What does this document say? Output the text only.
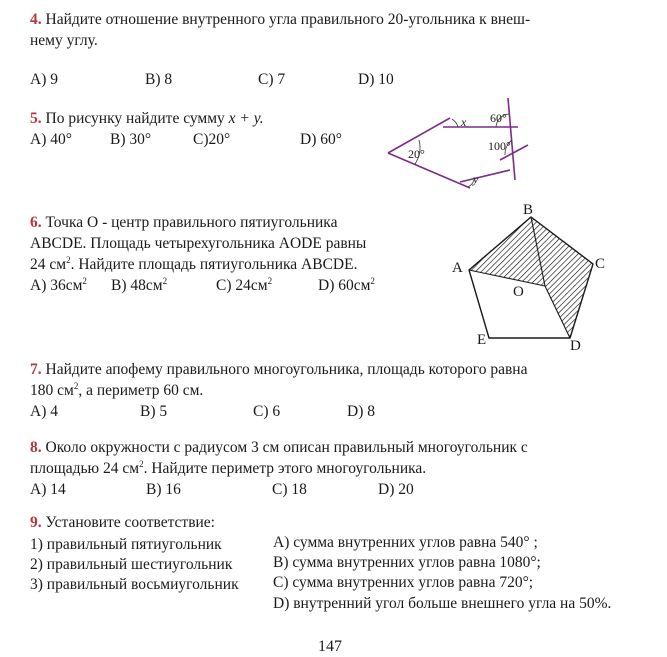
4. Найдите отношение внутренного угла правильного 20-угольника к внеш-
нему углу.
A) 9	B) 8	C) 7	D) 10
5. По рисунку найдите сумму x + y.
A) 40° B) 30°	C)20°	D) 60°
x 60°
100°
20°
y
6. Точка О - центр правильного пятиугольника
ABCDE. Площадь четырехугольника AODE равны
24 $см^2$. Найдите площадь пятиугольника ABCDE.
A) $36см^2$ B) $48см^2$	C) $24см^2$	D) $60см^2$
B
A	C
O
E	D
7. Найдите апофему правильного многоугольника, площадь которого равна
180 $см^2$, а периметр 60 см.
A) 4	B) 5	C) 6	D) 8
8. Около окружности с радиусом 3 см описан правильный многоугольник с
площадью 24 $см^2$. Найдите периметр этого многоугольника.
A) 14	B) 16	C) 18	D) 20
9. Установите соответствие:
1) правильный пятиугольник
2) правильный шестиугольник
3) правильный восьмиугольник
A) сумма внутренних углов равна 540° ;
B) сумма внутренних углов равна 1080°;
C) сумма внутренних углов равна 720°;
D) внутренний угол больше внешнего угла на 50%.
147
